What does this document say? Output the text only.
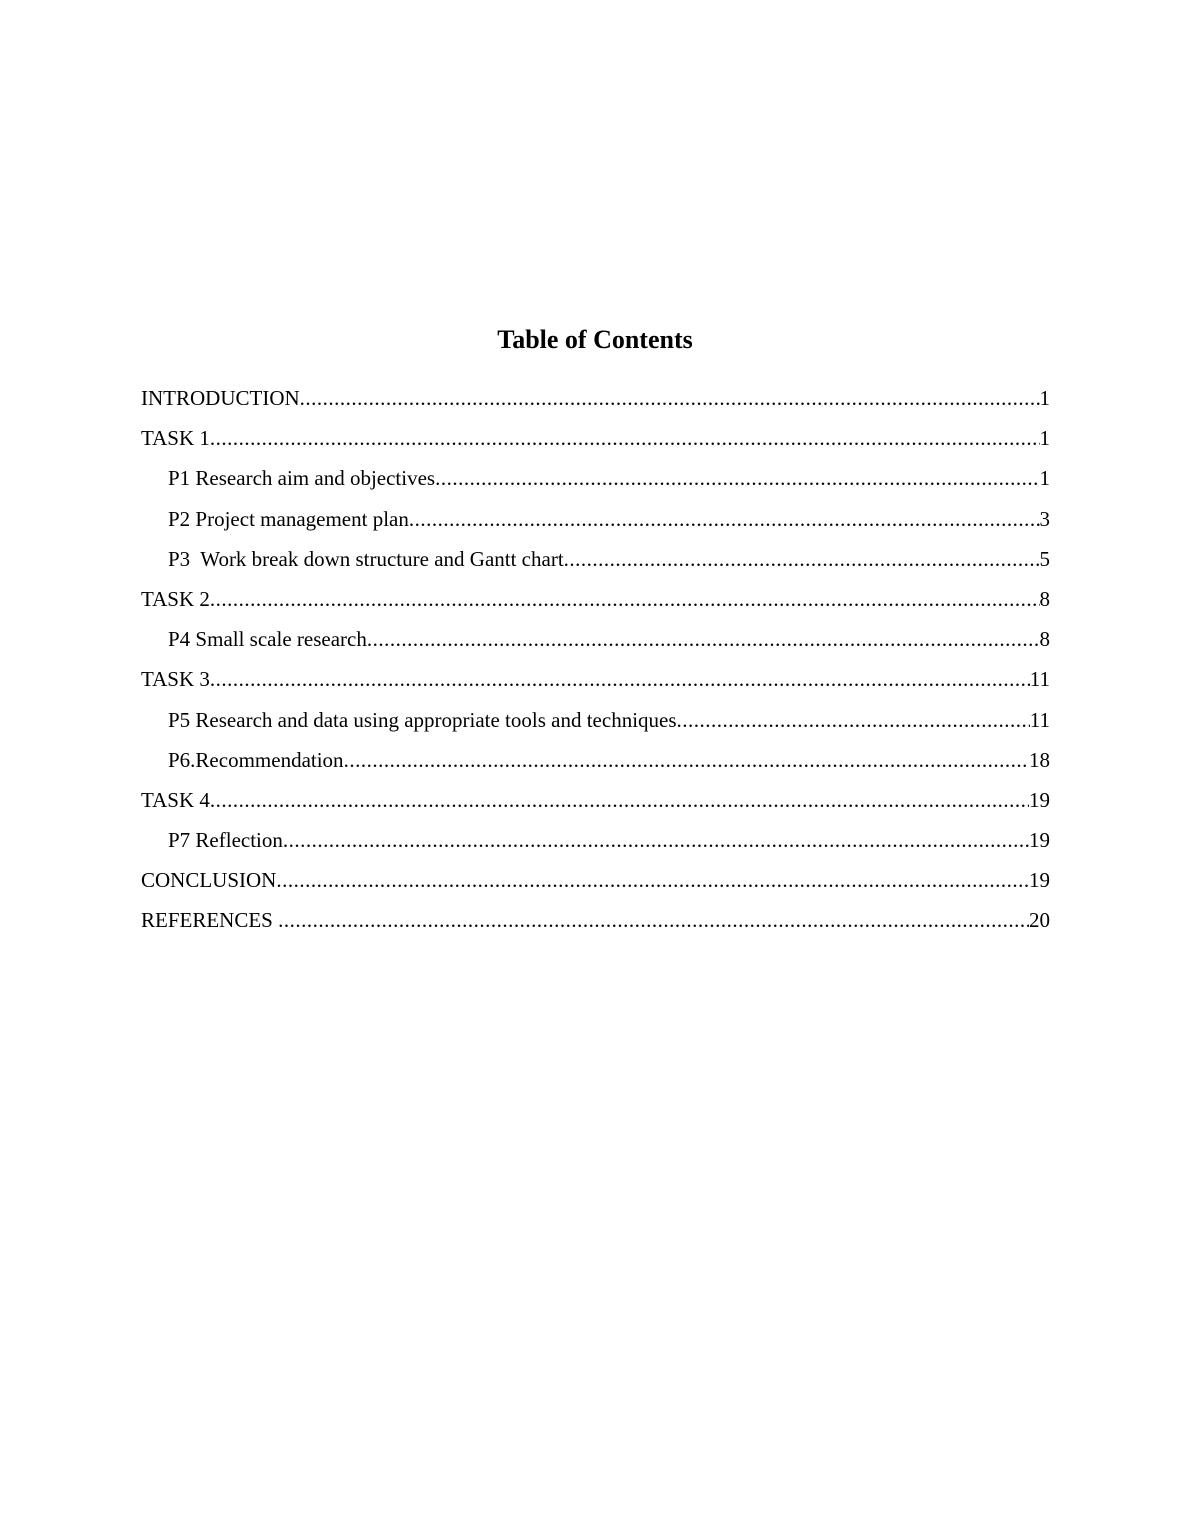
Table of Contents
INTRODUCTION .....	1
TASK 1 .....	1
P1 Research aim and objectives .....	1
P2 Project management plan .....	3
P3  Work break down structure and Gantt chart .....	5
TASK 2 .....	8
P4 Small scale research .....	8
TASK 3 .....	11
P5 Research and data using appropriate tools and techniques .....	11
P6.Recommendation .....	18
TASK 4 .....	19
P7 Reflection .....	19
CONCLUSION .....	19
REFERENCES .....	20
